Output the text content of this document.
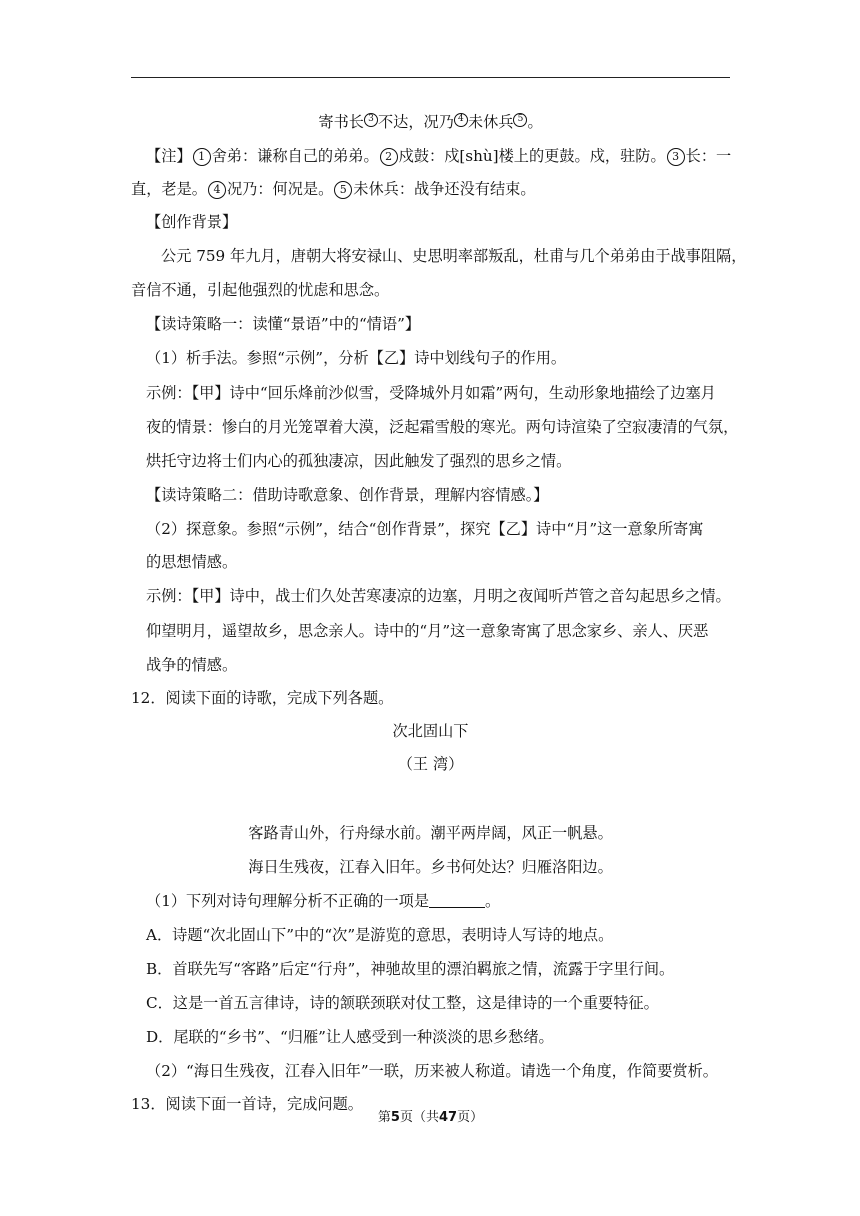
寄书长 3 不达，况乃 4 未休兵 5 。
【注】 1 舍弟：谦称自己的弟弟。 2 戍鼓：戍[shù]楼上的更鼓。戍，驻防。 3 长：一
直，老是。 4 况乃：何况是。 5 未休兵：战争还没有结束。
【创作背景】
公元 759 年九月，唐朝大将安禄山、史思明率部叛乱，杜甫与几个弟弟由于战事阻隔，
音信不通，引起他强烈的忧虑和思念。
【读诗策略一：读懂“景语”中的“情语”】
（1）析手法。参照“示例”，分析【乙】诗中划线句子的作用。
示例：【甲】诗中“回乐烽前沙似雪，受降城外月如霜”两句，生动形象地描绘了边塞月
夜的情景：惨白的月光笼罩着大漠，泛起霜雪般的寒光。两句诗渲染了空寂凄清的气氛，
烘托守边将士们内心的孤独凄凉，因此触发了强烈的思乡之情。
【读诗策略二：借助诗歌意象、创作背景，理解内容情感。】
（2）探意象。参照“示例”，结合“创作背景”，探究【乙】诗中“月”这一意象所寄寓
的思想情感。
示例：【甲】诗中，战士们久处苦寒凄凉的边塞，月明之夜闻听芦管之音勾起思乡之情。
仰望明月，遥望故乡，思念亲人。诗中的“月”这一意象寄寓了思念家乡、亲人、厌恶
战争的情感。
12．阅读下面的诗歌，完成下列各题。
次北固山下
（王 湾）
客路青山外，行舟绿水前。潮平两岸阔，风正一帆悬。
海日生残夜，江春入旧年。乡书何处达？归雁洛阳边。
（1）下列对诗句理解分析不正确的一项是	。
A．诗题“次北固山下”中的“次”是游览的意思，表明诗人写诗的地点。
B．首联先写“客路”后定“行舟”，神驰故里的漂泊羁旅之情，流露于字里行间。
C．这是一首五言律诗，诗的颔联颈联对仗工整，这是律诗的一个重要特征。
D．尾联的“乡书”、“归雁”让人感受到一种淡淡的思乡愁绪。
（2）“海日生残夜，江春入旧年”一联，历来被人称道。请选一个角度，作简要赏析。
13．阅读下面一首诗，完成问题。
第5页（共47页）
